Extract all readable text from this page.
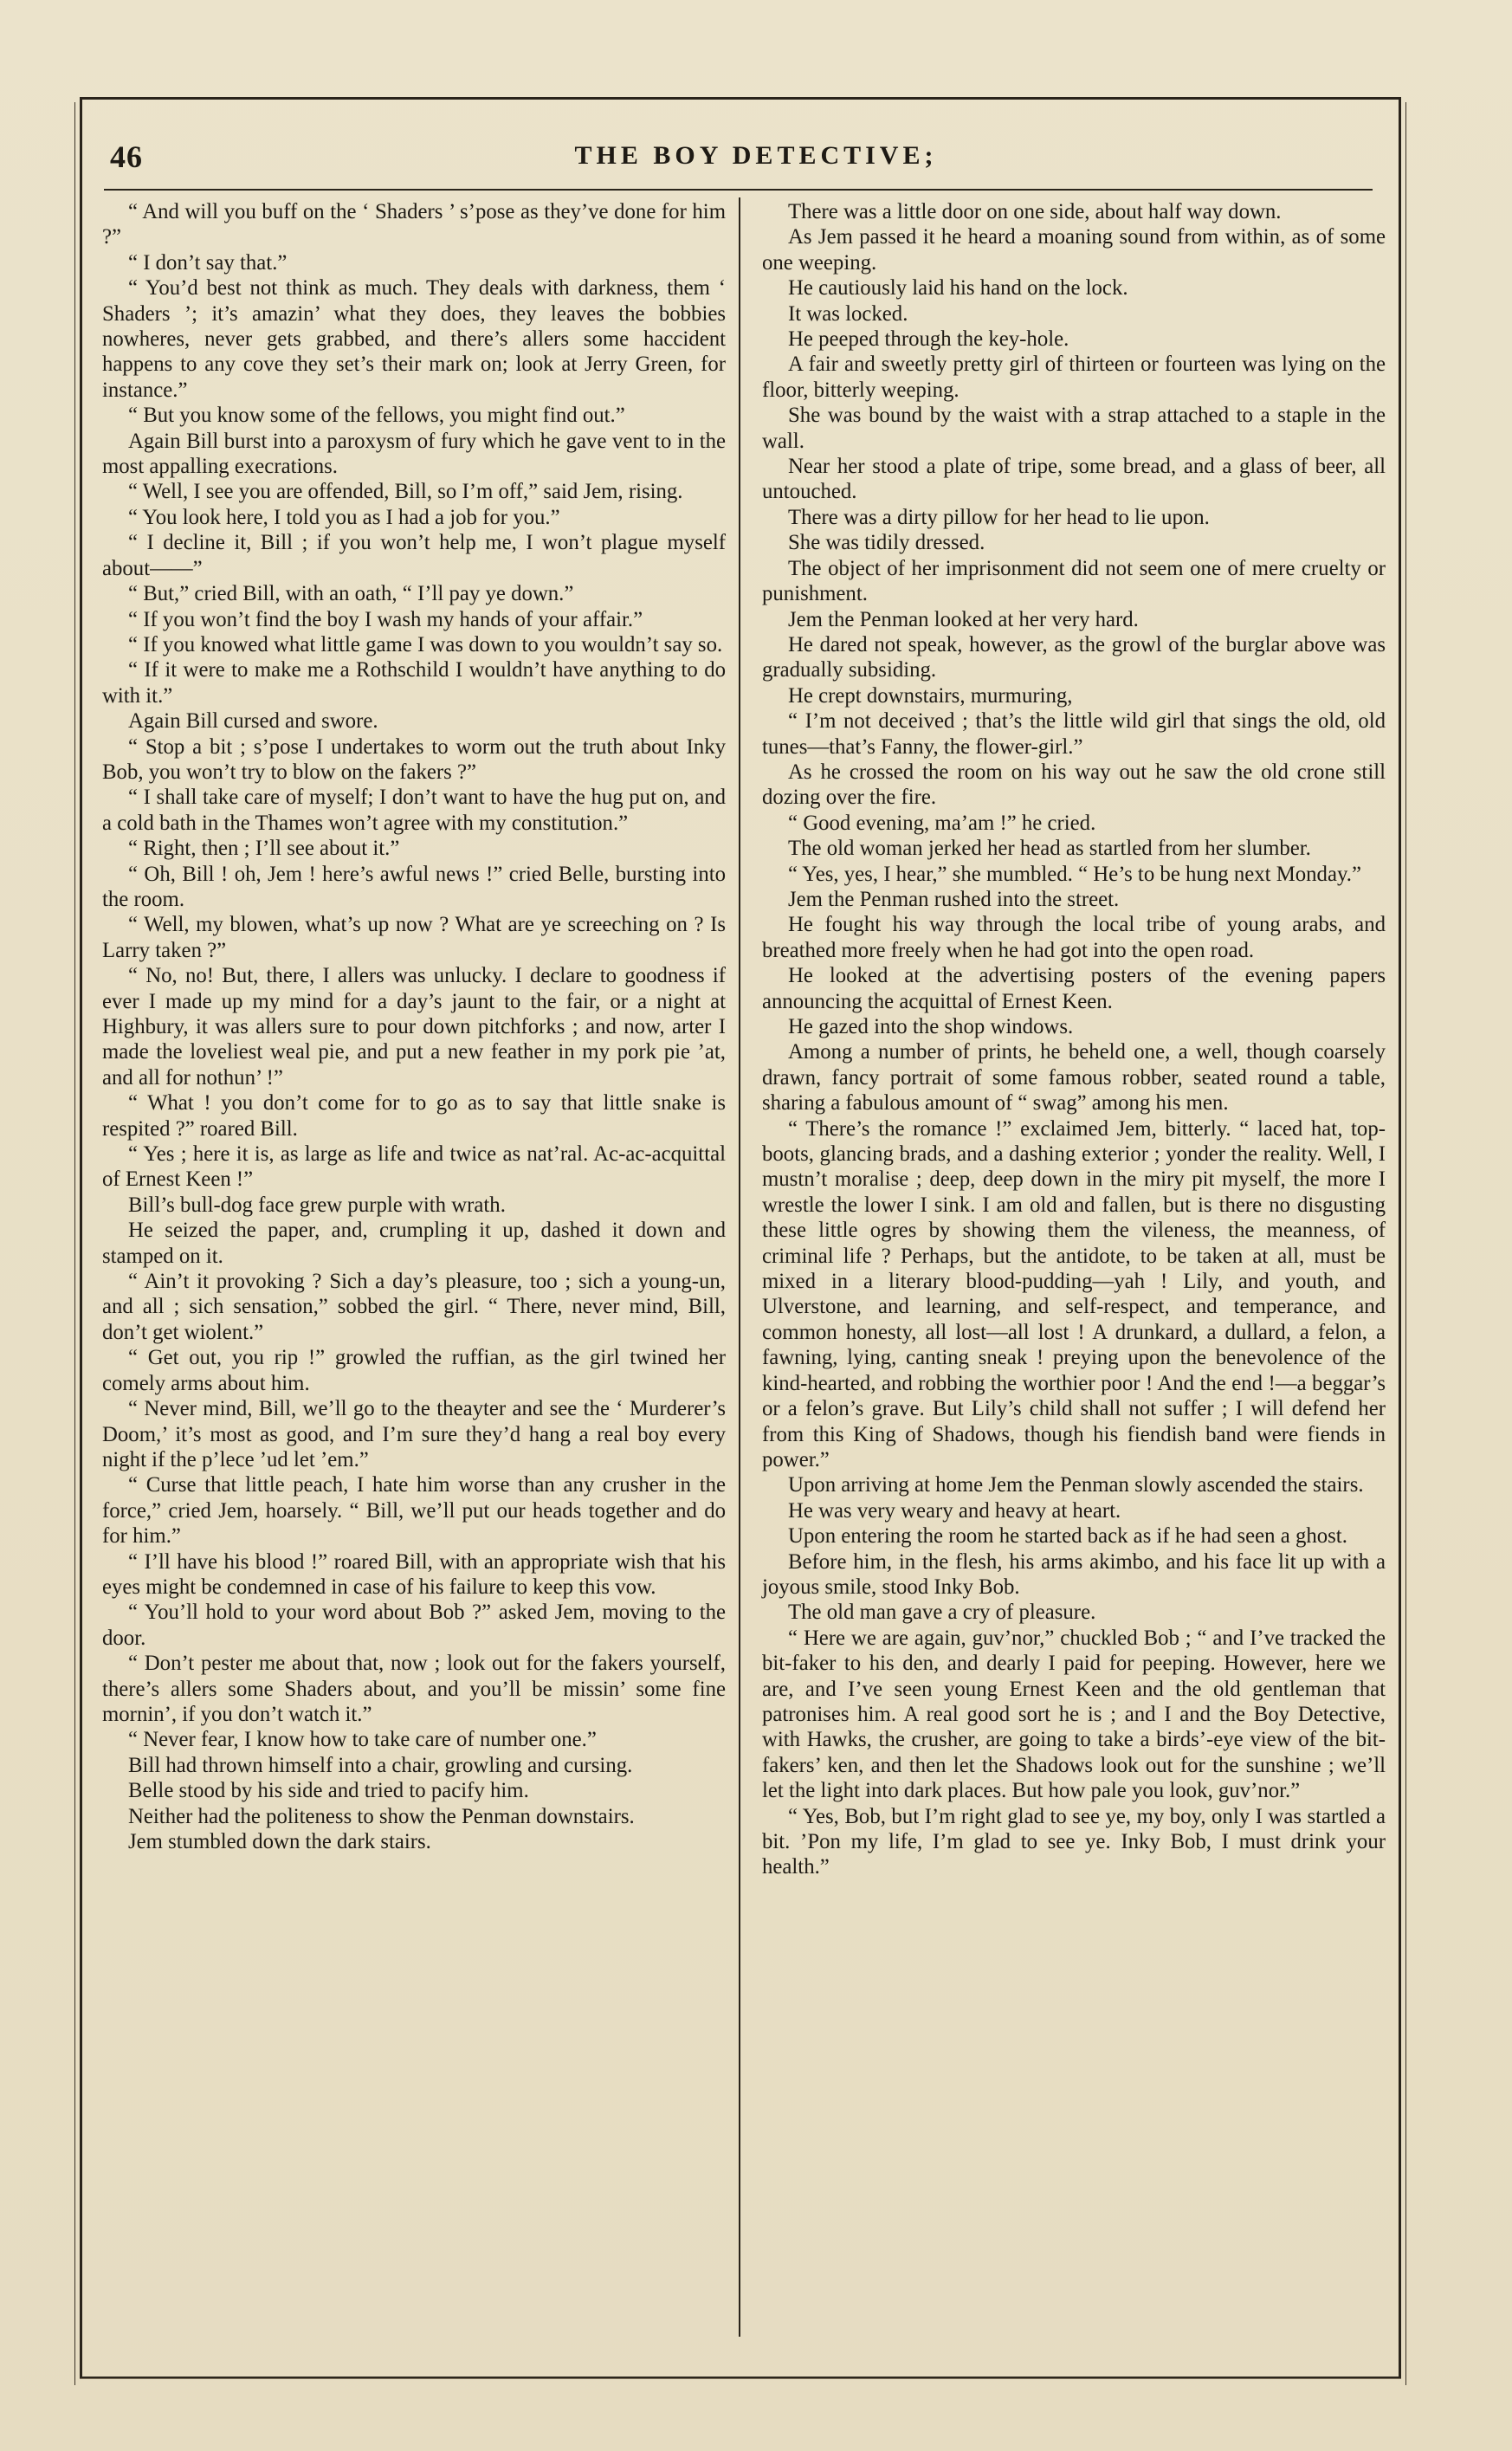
46	THE BOY DETECTIVE;

“ And will you buff on the ‘ Shaders ’ s’pose as they’ve done for him ?”

“ I don’t say that.”

“ You’d best not think as much. They deals with darkness, them ‘ Shaders ’; it’s amazin’ what they does, they leaves the bobbies nowheres, never gets grabbed, and there’s allers some haccident happens to any cove they set’s their mark on; look at Jerry Green, for instance.”

“ But you know some of the fellows, you might find out.”

Again Bill burst into a paroxysm of fury which he gave vent to in the most appalling execrations.

“ Well, I see you are offended, Bill, so I’m off,” said Jem, rising.

“ You look here, I told you as I had a job for you.”

“ I decline it, Bill ; if you won’t help me, I won’t plague myself about——”

“ But,” cried Bill, with an oath, “ I’ll pay ye down.”

“ If you won’t find the boy I wash my hands of your affair.”

“ If you knowed what little game I was down to you wouldn’t say so.

“ If it were to make me a Rothschild I wouldn’t have anything to do with it.”

Again Bill cursed and swore.

“ Stop a bit ; s’pose I undertakes to worm out the truth about Inky Bob, you won’t try to blow on the fakers ?”

“ I shall take care of myself; I don’t want to have the hug put on, and a cold bath in the Thames won’t agree with my constitution.”

“ Right, then ; I’ll see about it.”

“ Oh, Bill ! oh, Jem ! here’s awful news !” cried Belle, bursting into the room.

“ Well, my blowen, what’s up now ? What are ye screeching on ? Is Larry taken ?”

“ No, no! But, there, I allers was unlucky. I declare to goodness if ever I made up my mind for a day’s jaunt to the fair, or a night at Highbury, it was allers sure to pour down pitchforks ; and now, arter I made the loveliest weal pie, and put a new feather in my pork pie ’at, and all for nothun’ !”

“ What ! you don’t come for to go as to say that little snake is respited ?” roared Bill.

“ Yes ; here it is, as large as life and twice as nat’ral. Ac-ac-acquittal of Ernest Keen !”

Bill’s bull-dog face grew purple with wrath.

He seized the paper, and, crumpling it up, dashed it down and stamped on it.

“ Ain’t it provoking ? Sich a day’s pleasure, too ; sich a young-un, and all ; sich sensation,” sobbed the girl. “ There, never mind, Bill, don’t get wiolent.”

“ Get out, you rip !” growled the ruffian, as the girl twined her comely arms about him.

“ Never mind, Bill, we’ll go to the theayter and see the ‘ Murderer’s Doom,’ it’s most as good, and I’m sure they’d hang a real boy every night if the p’lece ’ud let ’em.”

“ Curse that little peach, I hate him worse than any crusher in the force,” cried Jem, hoarsely. “ Bill, we’ll put our heads together and do for him.”

“ I’ll have his blood !” roared Bill, with an appropriate wish that his eyes might be condemned in case of his failure to keep this vow.

“ You’ll hold to your word about Bob ?” asked Jem, moving to the door.

“ Don’t pester me about that, now ; look out for the fakers yourself, there’s allers some Shaders about, and you’ll be missin’ some fine mornin’, if you don’t watch it.”

“ Never fear, I know how to take care of number one.”

Bill had thrown himself into a chair, growling and cursing.

Belle stood by his side and tried to pacify him.

Neither had the politeness to show the Penman downstairs.

Jem stumbled down the dark stairs.

There was a little door on one side, about half way down.

As Jem passed it he heard a moaning sound from within, as of some one weeping.

He cautiously laid his hand on the lock.

It was locked.

He peeped through the key-hole.

A fair and sweetly pretty girl of thirteen or fourteen was lying on the floor, bitterly weeping.

She was bound by the waist with a strap attached to a staple in the wall.

Near her stood a plate of tripe, some bread, and a glass of beer, all untouched.

There was a dirty pillow for her head to lie upon.

She was tidily dressed.

The object of her imprisonment did not seem one of mere cruelty or punishment.

Jem the Penman looked at her very hard.

He dared not speak, however, as the growl of the burglar above was gradually subsiding.

He crept downstairs, murmuring,

“ I’m not deceived ; that’s the little wild girl that sings the old, old tunes—that’s Fanny, the flower-girl.”

As he crossed the room on his way out he saw the old crone still dozing over the fire.

“ Good evening, ma’am !” he cried.

The old woman jerked her head as startled from her slumber.

“ Yes, yes, I hear,” she mumbled. “ He’s to be hung next Monday.”

Jem the Penman rushed into the street.

He fought his way through the local tribe of young arabs, and breathed more freely when he had got into the open road.

He looked at the advertising posters of the evening papers announcing the acquittal of Ernest Keen.

He gazed into the shop windows.

Among a number of prints, he beheld one, a well, though coarsely drawn, fancy portrait of some famous robber, seated round a table, sharing a fabulous amount of “ swag” among his men.

“ There’s the romance !” exclaimed Jem, bitterly. “ laced hat, top-boots, glancing brads, and a dashing exterior ; yonder the reality. Well, I mustn’t moralise ; deep, deep down in the miry pit myself, the more I wrestle the lower I sink. I am old and fallen, but is there no disgusting these little ogres by showing them the vileness, the meanness, of criminal life ? Perhaps, but the antidote, to be taken at all, must be mixed in a literary blood-pudding—yah ! Lily, and youth, and Ulverstone, and learning, and self-respect, and temperance, and common honesty, all lost—all lost ! A drunkard, a dullard, a felon, a fawning, lying, canting sneak ! preying upon the benevolence of the kind-hearted, and robbing the worthier poor ! And the end !—a beggar’s or a felon’s grave. But Lily’s child shall not suffer ; I will defend her from this King of Shadows, though his fiendish band were fiends in power.”

Upon arriving at home Jem the Penman slowly ascended the stairs.

He was very weary and heavy at heart.

Upon entering the room he started back as if he had seen a ghost.

Before him, in the flesh, his arms akimbo, and his face lit up with a joyous smile, stood Inky Bob.

The old man gave a cry of pleasure.

“ Here we are again, guv’nor,” chuckled Bob ; “ and I’ve tracked the bit-faker to his den, and dearly I paid for peeping. However, here we are, and I’ve seen young Ernest Keen and the old gentleman that patronises him. A real good sort he is ; and I and the Boy Detective, with Hawks, the crusher, are going to take a birds’-eye view of the bit-fakers’ ken, and then let the Shadows look out for the sunshine ; we’ll let the light into dark places. But how pale you look, guv’nor.”

“ Yes, Bob, but I’m right glad to see ye, my boy, only I was startled a bit. ’Pon my life, I’m glad to see ye. Inky Bob, I must drink your health.”
